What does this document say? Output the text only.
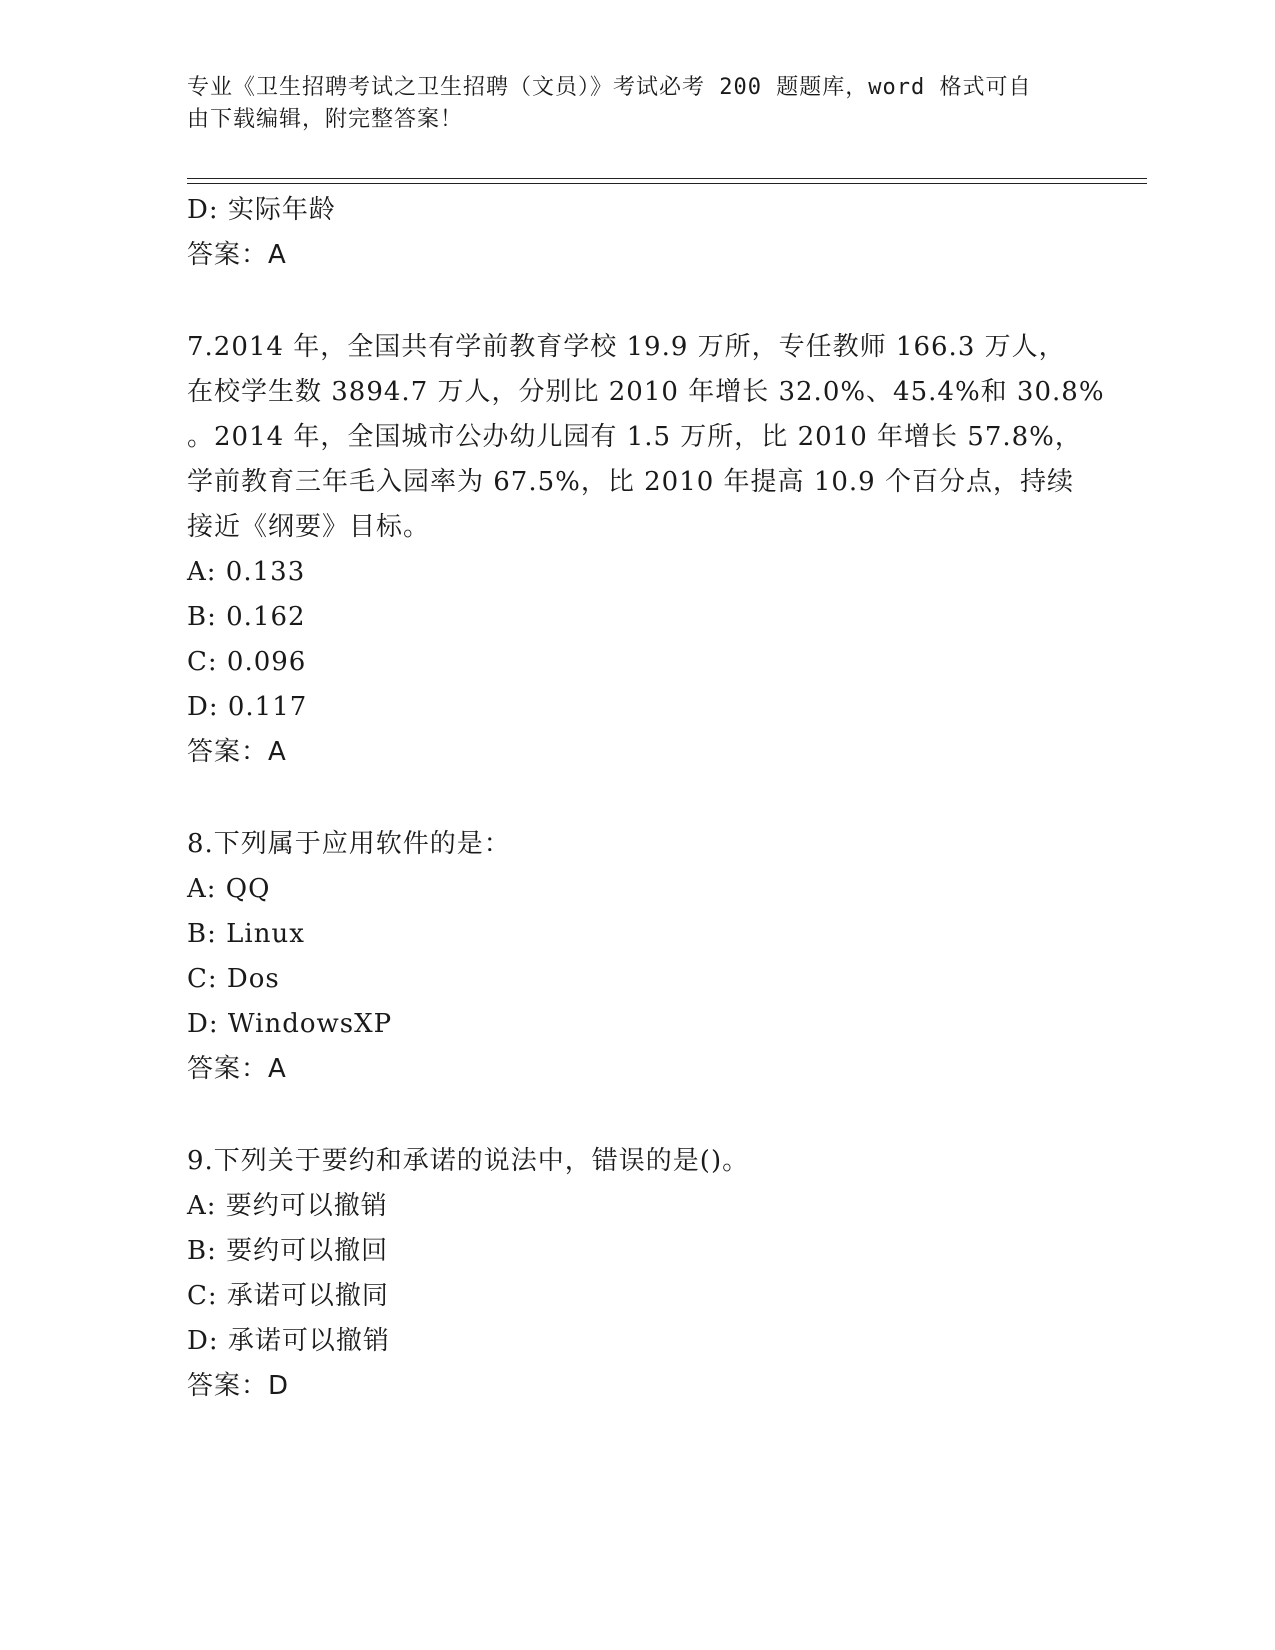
专业《卫生招聘考试之卫生招聘（文员）》考试必考 200 题题库，word 格式可自
由下载编辑，附完整答案！
D: 实际年龄
答案：A
7.2014 年，全国共有学前教育学校 19.9 万所，专任教师 166.3 万人，
在校学生数 3894.7 万人，分别比 2010 年增长 32.0%、45.4%和 30.8%
。2014 年，全国城市公办幼儿园有 1.5 万所，比 2010 年增长 57.8%，
学前教育三年毛入园率为 67.5%，比 2010 年提高 10.9 个百分点，持续
接近《纲要》目标。
A: 0.133
B: 0.162
C: 0.096
D: 0.117
答案：A
8.下列属于应用软件的是：
A: QQ
B: Linux
C: Dos
D: WindowsXP
答案：A
9.下列关于要约和承诺的说法中，错误的是()。
A: 要约可以撤销
B: 要约可以撤回
C: 承诺可以撤同
D: 承诺可以撤销
答案：D
